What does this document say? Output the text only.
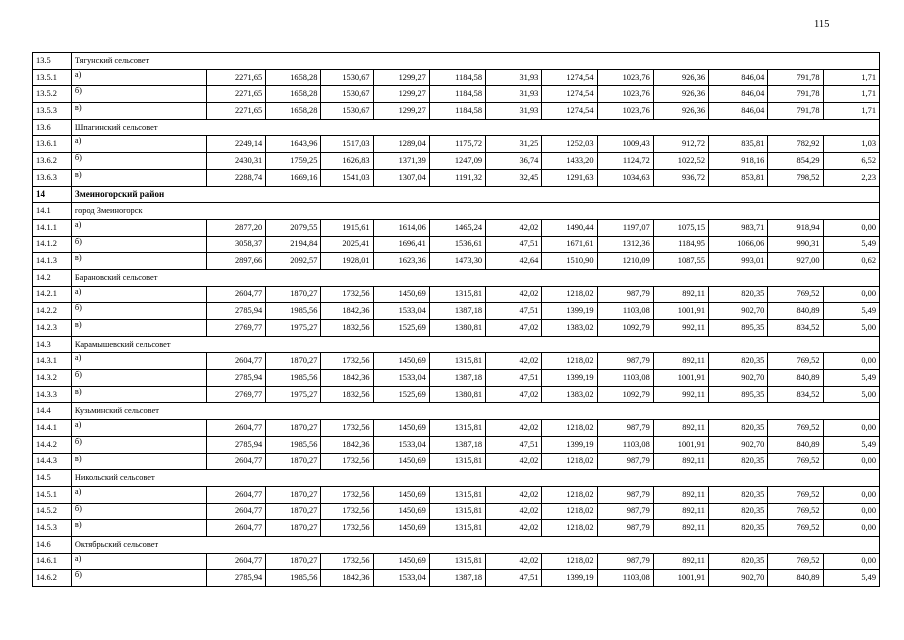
115
13.5	Тягунский сельсовет												
13.5.1	а)	2271,65	1658,28	1530,67	1299,27	1184,58	31,93	1274,54	1023,76	926,36	846,04	791,78	1,71
13.5.2	б)	2271,65	1658,28	1530,67	1299,27	1184,58	31,93	1274,54	1023,76	926,36	846,04	791,78	1,71
13.5.3	в)	2271,65	1658,28	1530,67	1299,27	1184,58	31,93	1274,54	1023,76	926,36	846,04	791,78	1,71
13.6	Шпагинский сельсовет												
13.6.1	а)	2249,14	1643,96	1517,03	1289,04	1175,72	31,25	1252,03	1009,43	912,72	835,81	782,92	1,03
13.6.2	б)	2430,31	1759,25	1626,83	1371,39	1247,09	36,74	1433,20	1124,72	1022,52	918,16	854,29	6,52
13.6.3	в)	2288,74	1669,16	1541,03	1307,04	1191,32	32,45	1291,63	1034,63	936,72	853,81	798,52	2,23
14	Змеиногорский район												
14.1	город Змеиногорск												
14.1.1	а)	2877,20	2079,55	1915,61	1614,06	1465,24	42,02	1490,44	1197,07	1075,15	983,71	918,94	0,00
14.1.2	б)	3058,37	2194,84	2025,41	1696,41	1536,61	47,51	1671,61	1312,36	1184,95	1066,06	990,31	5,49
14.1.3	в)	2897,66	2092,57	1928,01	1623,36	1473,30	42,64	1510,90	1210,09	1087,55	993,01	927,00	0,62
14.2	Барановский сельсовет												
14.2.1	а)	2604,77	1870,27	1732,56	1450,69	1315,81	42,02	1218,02	987,79	892,11	820,35	769,52	0,00
14.2.2	б)	2785,94	1985,56	1842,36	1533,04	1387,18	47,51	1399,19	1103,08	1001,91	902,70	840,89	5,49
14.2.3	в)	2769,77	1975,27	1832,56	1525,69	1380,81	47,02	1383,02	1092,79	992,11	895,35	834,52	5,00
14.3	Карамышевский сельсовет												
14.3.1	а)	2604,77	1870,27	1732,56	1450,69	1315,81	42,02	1218,02	987,79	892,11	820,35	769,52	0,00
14.3.2	б)	2785,94	1985,56	1842,36	1533,04	1387,18	47,51	1399,19	1103,08	1001,91	902,70	840,89	5,49
14.3.3	в)	2769,77	1975,27	1832,56	1525,69	1380,81	47,02	1383,02	1092,79	992,11	895,35	834,52	5,00
14.4	Кузьминский сельсовет												
14.4.1	а)	2604,77	1870,27	1732,56	1450,69	1315,81	42,02	1218,02	987,79	892,11	820,35	769,52	0,00
14.4.2	б)	2785,94	1985,56	1842,36	1533,04	1387,18	47,51	1399,19	1103,08	1001,91	902,70	840,89	5,49
14.4.3	в)	2604,77	1870,27	1732,56	1450,69	1315,81	42,02	1218,02	987,79	892,11	820,35	769,52	0,00
14.5	Никольский сельсовет												
14.5.1	а)	2604,77	1870,27	1732,56	1450,69	1315,81	42,02	1218,02	987,79	892,11	820,35	769,52	0,00
14.5.2	б)	2604,77	1870,27	1732,56	1450,69	1315,81	42,02	1218,02	987,79	892,11	820,35	769,52	0,00
14.5.3	в)	2604,77	1870,27	1732,56	1450,69	1315,81	42,02	1218,02	987,79	892,11	820,35	769,52	0,00
14.6	Октябрьский сельсовет												
14.6.1	а)	2604,77	1870,27	1732,56	1450,69	1315,81	42,02	1218,02	987,79	892,11	820,35	769,52	0,00
14.6.2	б)	2785,94	1985,56	1842,36	1533,04	1387,18	47,51	1399,19	1103,08	1001,91	902,70	840,89	5,49
